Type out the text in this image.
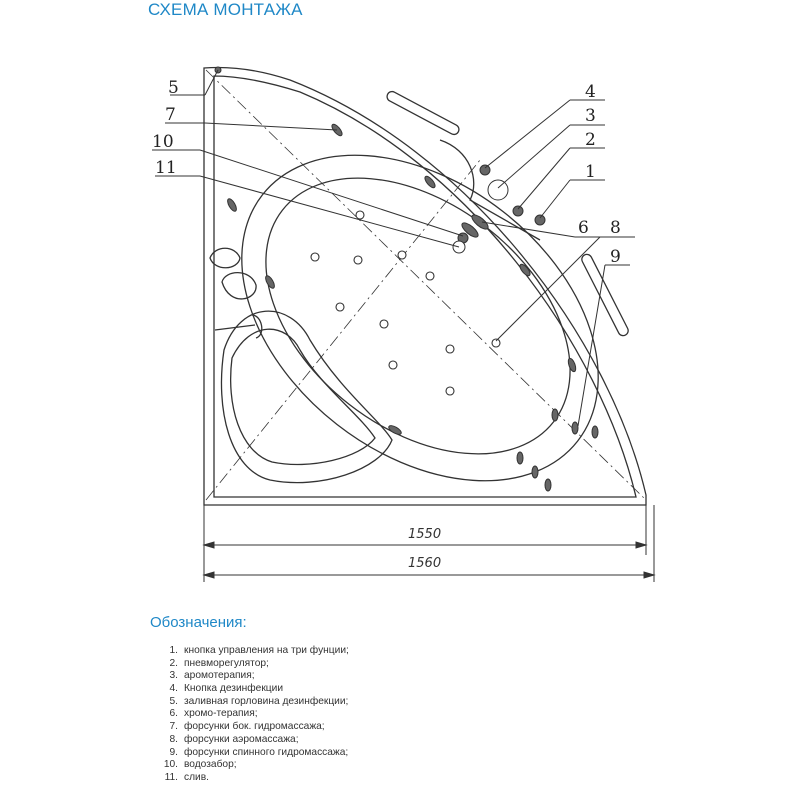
СХЕМА МОНТАЖА
5
7
10
11
4
3
2
1
6 8
9
1550
1560
Обозначения:
1. кнопка управления на три фунции;
2. пневморегулятор;
3. аромотерапия;
4. Кнопка дезинфекции
5. заливная горловина дезинфекции;
6. хромо-терапия;
7. форсунки бок. гидромассажа;
8. форсунки аэромассажа;
9. форсунки спинного гидромассажа;
10. водозабор;
11. слив.
